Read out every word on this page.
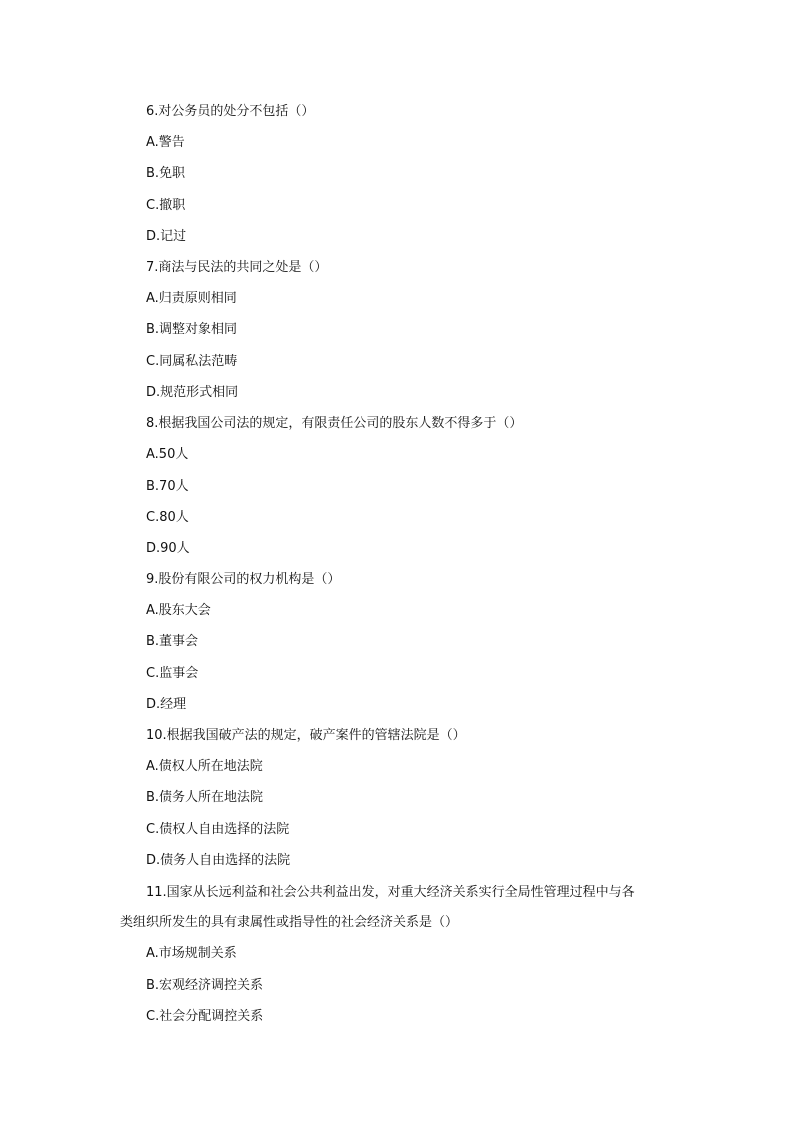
6.对公务员的处分不包括（）
A.警告
B.免职
C.撤职
D.记过
7.商法与民法的共同之处是（）
A.归责原则相同
B.调整对象相同
C.同属私法范畴
D.规范形式相同
8.根据我国公司法的规定，有限责任公司的股东人数不得多于（）
A.50人
B.70人
C.80人
D.90人
9.股份有限公司的权力机构是（）
A.股东大会
B.董事会
C.监事会
D.经理
10.根据我国破产法的规定，破产案件的管辖法院是（）
A.债权人所在地法院
B.债务人所在地法院
C.债权人自由选择的法院
D.债务人自由选择的法院
11.国家从长远利益和社会公共利益出发，对重大经济关系实行全局性管理过程中与各
类组织所发生的具有隶属性或指导性的社会经济关系是（）
A.市场规制关系
B.宏观经济调控关系
C.社会分配调控关系
